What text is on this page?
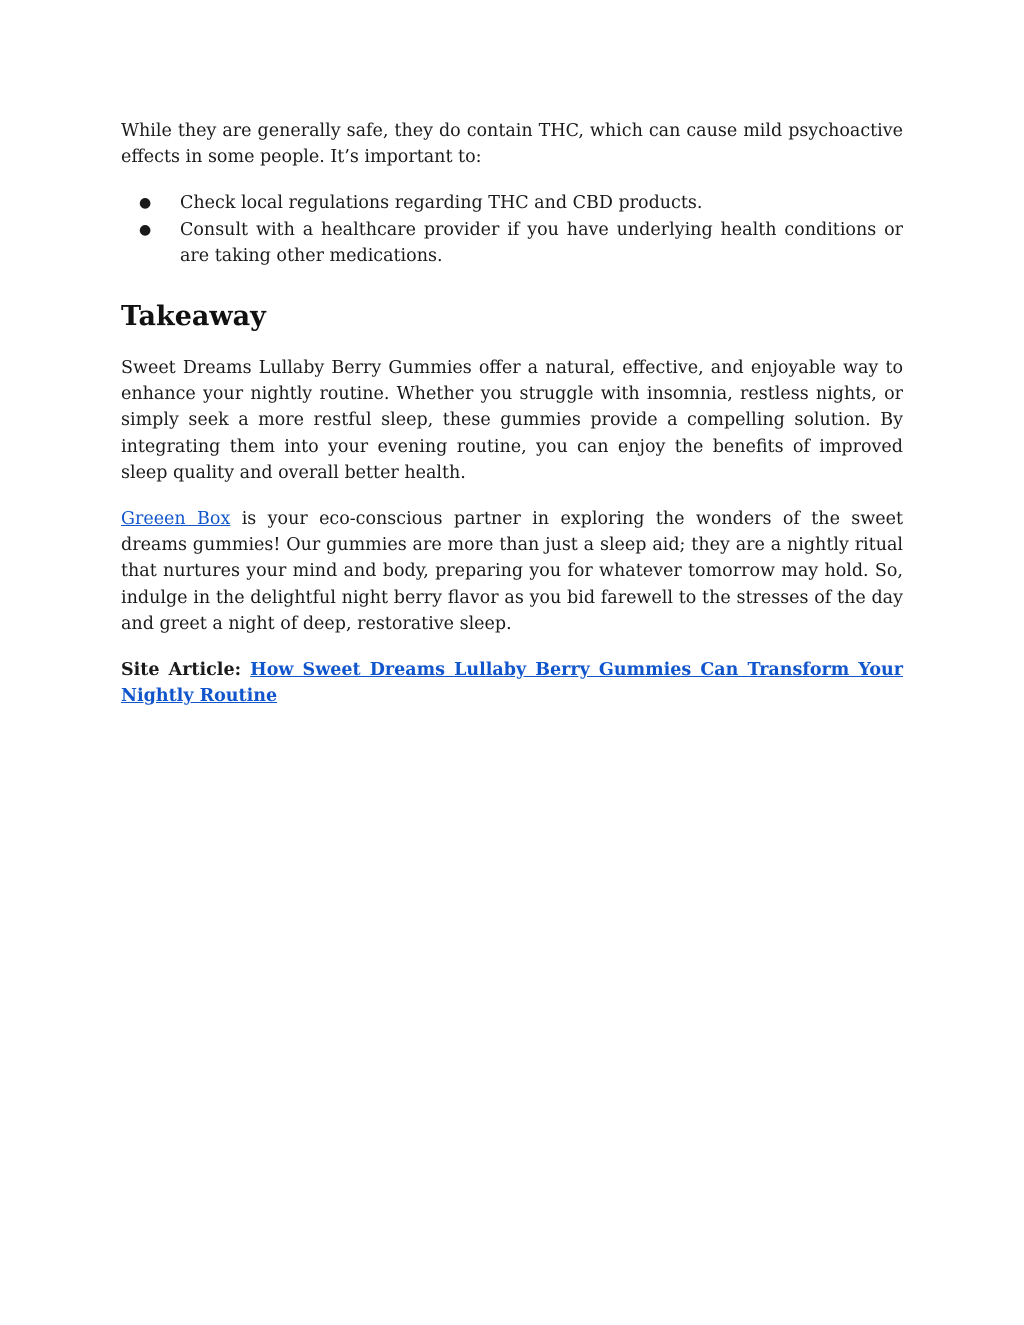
While they are generally safe, they do contain THC, which can cause mild psychoactive effects in some people. It’s important to:

● Check local regulations regarding THC and CBD products.
● Consult with a healthcare provider if you have underlying health conditions or are taking other medications.
Takeaway

Sweet Dreams Lullaby Berry Gummies offer a natural, effective, and enjoyable way to enhance your nightly routine. Whether you struggle with insomnia, restless nights, or simply seek a more restful sleep, these gummies provide a compelling solution. By integrating them into your evening routine, you can enjoy the benefits of improved sleep quality and overall better health.

Greeen Box is your eco-conscious partner in exploring the wonders of the sweet dreams gummies! Our gummies are more than just a sleep aid; they are a nightly ritual that nurtures your mind and body, preparing you for whatever tomorrow may hold. So, indulge in the delightful night berry flavor as you bid farewell to the stresses of the day and greet a night of deep, restorative sleep.

Site Article: How Sweet Dreams Lullaby Berry Gummies Can Transform Your Nightly Routine
